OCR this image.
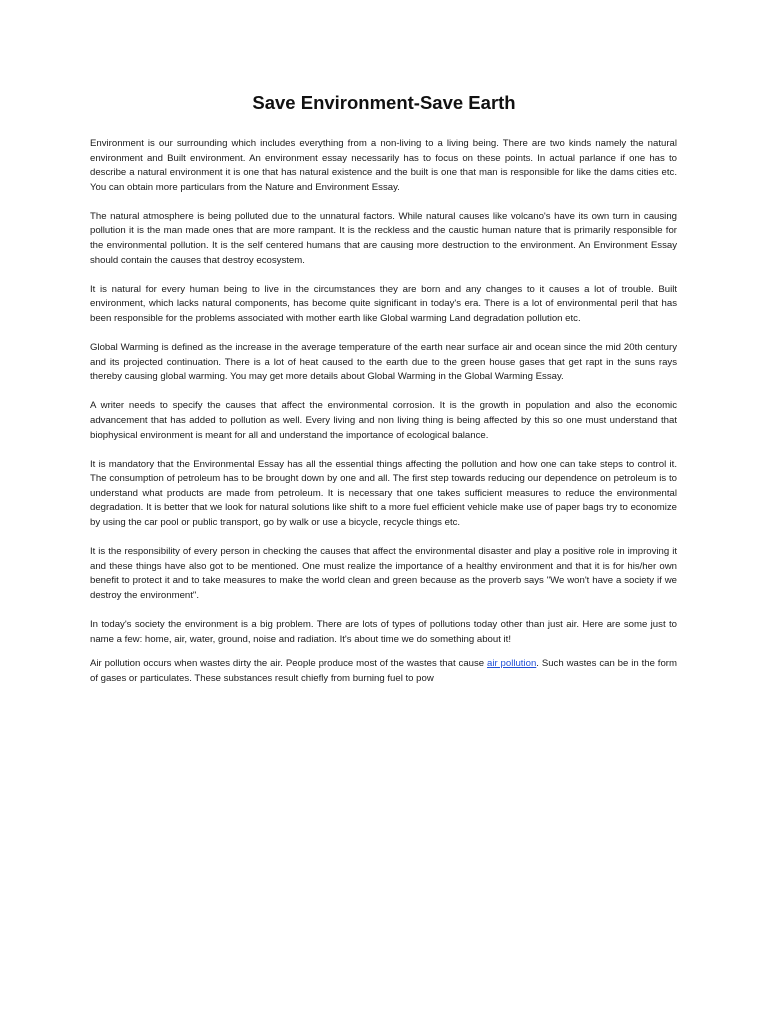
Save Environment-Save Earth

Environment is our surrounding which includes everything from a non-living to a living being. There are two kinds namely the natural environment and Built environment. An environment essay necessarily has to focus on these points. In actual parlance if one has to describe a natural environment it is one that has natural existence and the built is one that man is responsible for like the dams cities etc. You can obtain more particulars from the Nature and Environment Essay.

The natural atmosphere is being polluted due to the unnatural factors. While natural causes like volcano's have its own turn in causing pollution it is the man made ones that are more rampant. It is the reckless and the caustic human nature that is primarily responsible for the environmental pollution. It is the self centered humans that are causing more destruction to the environment. An Environment Essay should contain the causes that destroy ecosystem.

It is natural for every human being to live in the circumstances they are born and any changes to it causes a lot of trouble. Built environment, which lacks natural components, has become quite significant in today's era. There is a lot of environmental peril that has been responsible for the problems associated with mother earth like Global warming Land degradation pollution etc.

Global Warming is defined as the increase in the average temperature of the earth near surface air and ocean since the mid 20th century and its projected continuation. There is a lot of heat caused to the earth due to the green house gases that get rapt in the suns rays thereby causing global warming. You may get more details about Global Warming in the Global Warming Essay.

A writer needs to specify the causes that affect the environmental corrosion. It is the growth in population and also the economic advancement that has added to pollution as well. Every living and non living thing is being affected by this so one must understand that biophysical environment is meant for all and understand the importance of ecological balance.

It is mandatory that the Environmental Essay has all the essential things affecting the pollution and how one can take steps to control it. The consumption of petroleum has to be brought down by one and all. The first step towards reducing our dependence on petroleum is to understand what products are made from petroleum. It is necessary that one takes sufficient measures to reduce the environmental degradation. It is better that we look for natural solutions like shift to a more fuel efficient vehicle make use of paper bags try to economize by using the car pool or public transport, go by walk or use a bicycle, recycle things etc.

It is the responsibility of every person in checking the causes that affect the environmental disaster and play a positive role in improving it and these things have also got to be mentioned. One must realize the importance of a healthy environment and that it is for his/her own benefit to protect it and to take measures to make the world clean and green because as the proverb says "We won't have a society if we destroy the environment".

In today's society the environment is a big problem. There are lots of types of pollutions today other than just air. Here are some just to name a few: home, air, water, ground, noise and radiation. It's about time we do something about it!

Air pollution occurs when wastes dirty the air. People produce most of the wastes that cause air pollution. Such wastes can be in the form of gases or particulates. These substances result chiefly from burning fuel to pow
